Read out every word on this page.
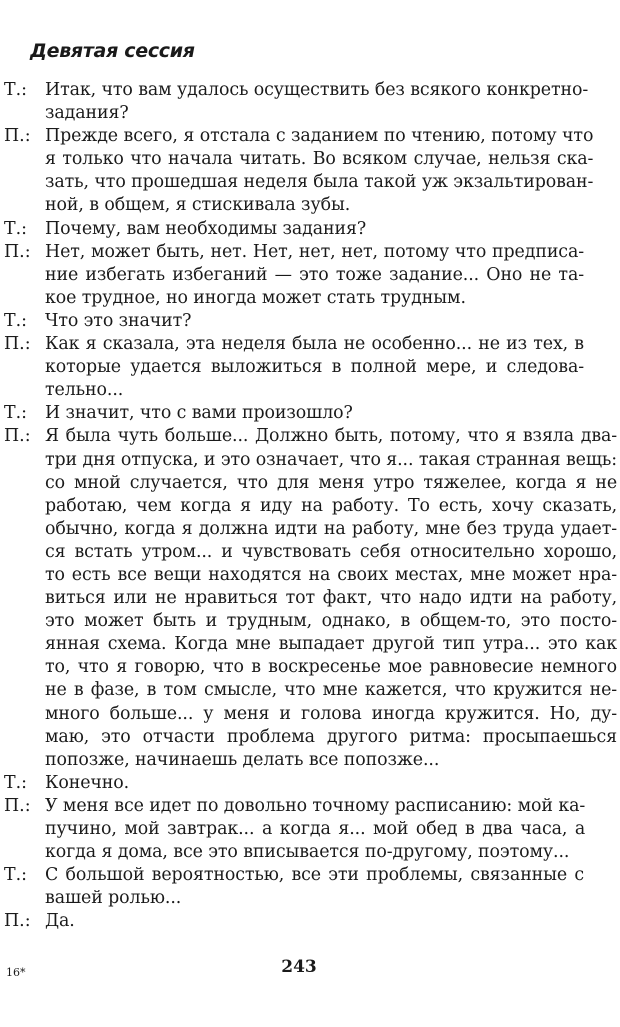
Девятая сессия
Т.:	Итак, что вам удалось осуществить без всякого конкретно-
задания?
П.: Прежде всего, я отстала с заданием по чтению, потому что
я только что начала читать. Во всяком случае, нельзя ска-
зать, что прошедшая неделя была такой уж экзальтирован-
ной, в общем, я стискивала зубы.
Т.:	Почему, вам необходимы задания?
П.: Нет, может быть, нет. Нет, нет, нет, потому что предписа-
ние избегать избеганий — это тоже задание... Оно не та-
кое трудное, но иногда может стать трудным.
Т.:	Что это значит?
П.: Как я сказала, эта неделя была не особенно... не из тех, в
которые удается выложиться в полной мере, и следова-
тельно...
Т.:	И значит, что с вами произошло?
П.: Я была чуть больше... Должно быть, потому, что я взяла два-
три дня отпуска, и это означает, что я... такая странная вещь:
со мной случается, что для меня утро тяжелее, когда я не
работаю, чем когда я иду на работу. То есть, хочу сказать,
обычно, когда я должна идти на работу, мне без труда удает-
ся встать утром... и чувствовать себя относительно хорошо,
то есть все вещи находятся на своих местах, мне может нра-
виться или не нравиться тот факт, что надо идти на работу,
это может быть и трудным, однако, в общем-то, это посто-
янная схема. Когда мне выпадает другой тип утра... это как
то, что я говорю, что в воскресенье мое равновесие немного
не в фазе, в том смысле, что мне кажется, что кружится не-
много больше... у меня и голова иногда кружится. Но, ду-
маю, это отчасти проблема другого ритма: просыпаешься
попозже, начинаешь делать все попозже...
Т.:	Конечно.
П.: У меня все идет по довольно точному расписанию: мой ка-
пучино, мой завтрак... а когда я... мой обед в два часа, а
когда я дома, все это вписывается по-другому, поэтому...
Т.:	С большой вероятностью, все эти проблемы, связанные с
вашей ролью...
П.: Да.
243
16*
